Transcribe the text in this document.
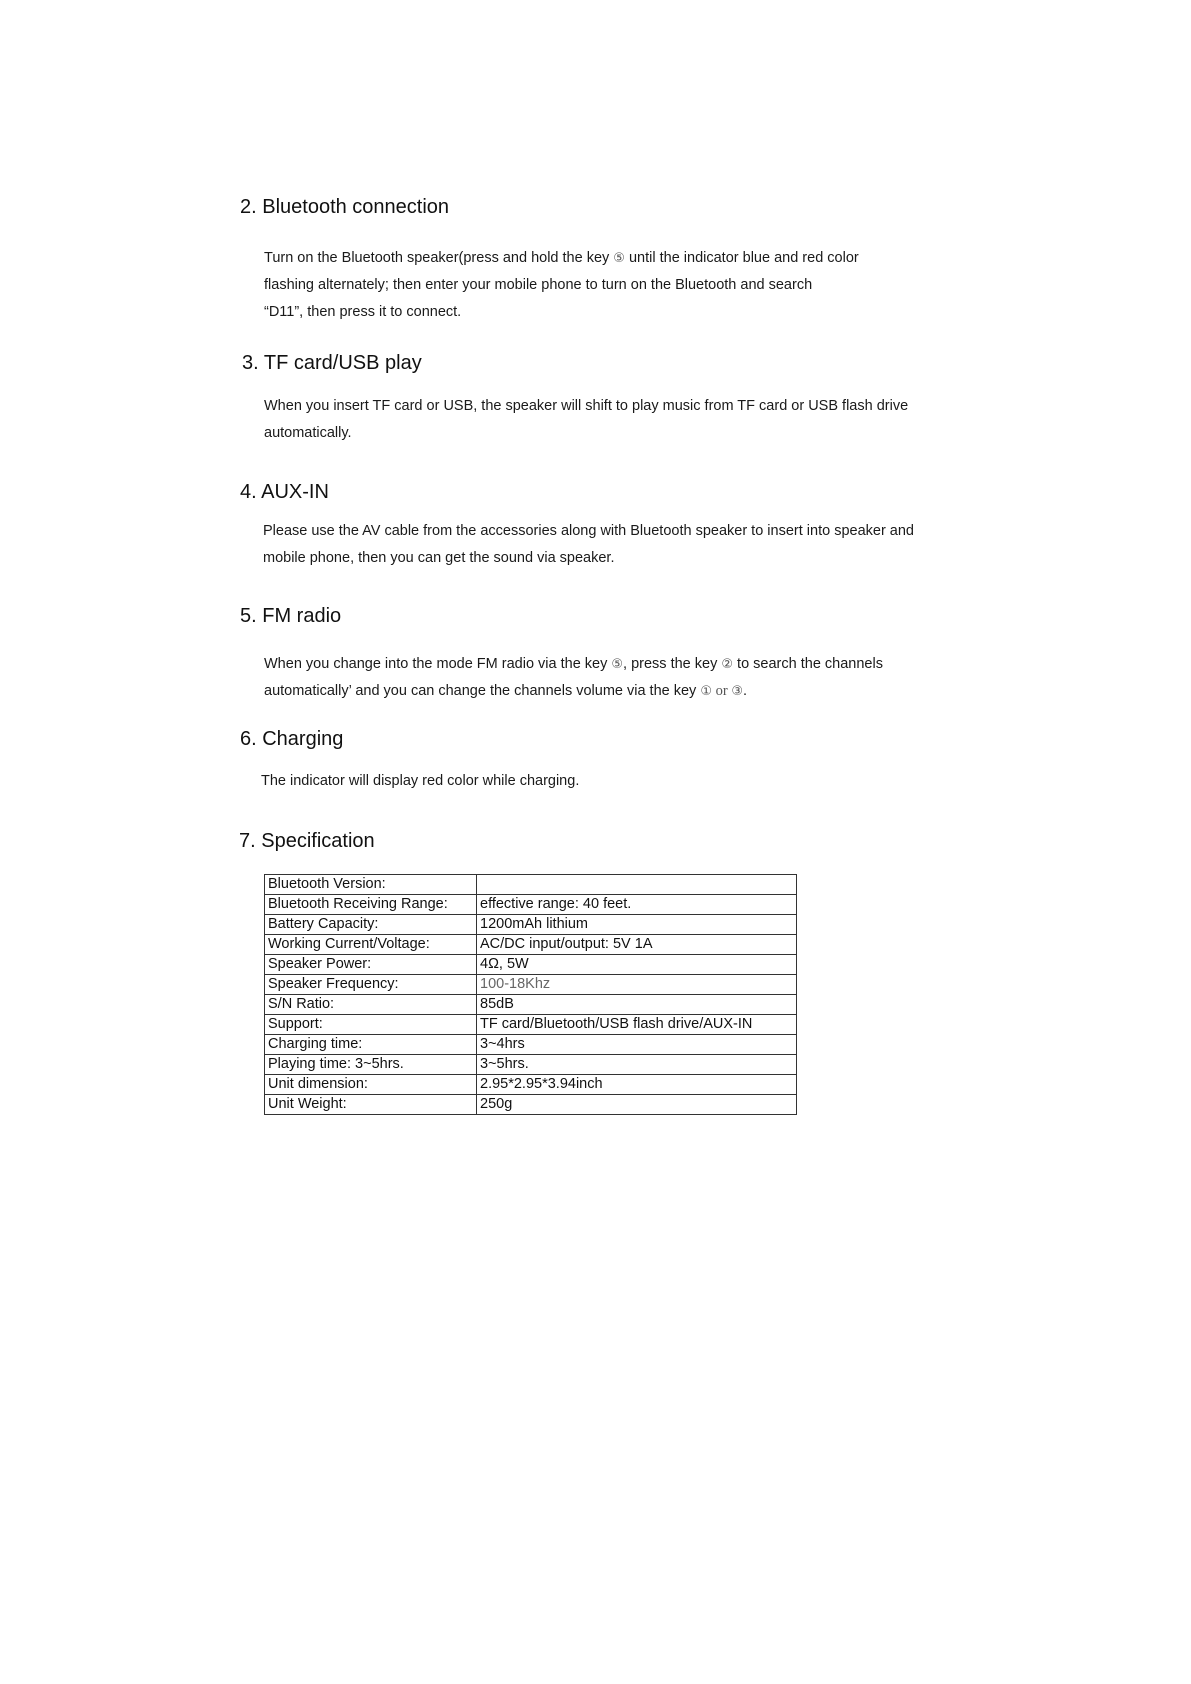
2. Bluetooth connection
Turn on the Bluetooth speaker(press and hold the key ⑤ until the indicator blue and red color
flashing alternately; then enter your mobile phone to turn on the Bluetooth and search
“D11”, then press it to connect.
3. TF card/USB play
When you insert TF card or USB, the speaker will shift to play music from TF card or USB flash drive
automatically.
4. AUX-IN
Please use the AV cable from the accessories along with Bluetooth speaker to insert into speaker and
mobile phone, then you can get the sound via speaker.
5. FM radio
When you change into the mode FM radio via the key ⑤, press the key ② to search the channels
automatically’ and you can change the channels volume via the key ① or ③.
6. Charging
The indicator will display red color while charging.
7. Specification
Bluetooth Version:	
Bluetooth Receiving Range:	effective range: 40 feet.
Battery Capacity:	1200mAh lithium
Working Current/Voltage:	AC/DC input/output: 5V 1A
Speaker Power:	4Ω, 5W
Speaker Frequency:	100-18Khz
S/N Ratio:	85dB
Support:	TF card/Bluetooth/USB flash drive/AUX-IN
Charging time:	3~4hrs
Playing time: 3~5hrs.	3~5hrs.
Unit dimension:	2.95*2.95*3.94inch
Unit Weight:	250g
